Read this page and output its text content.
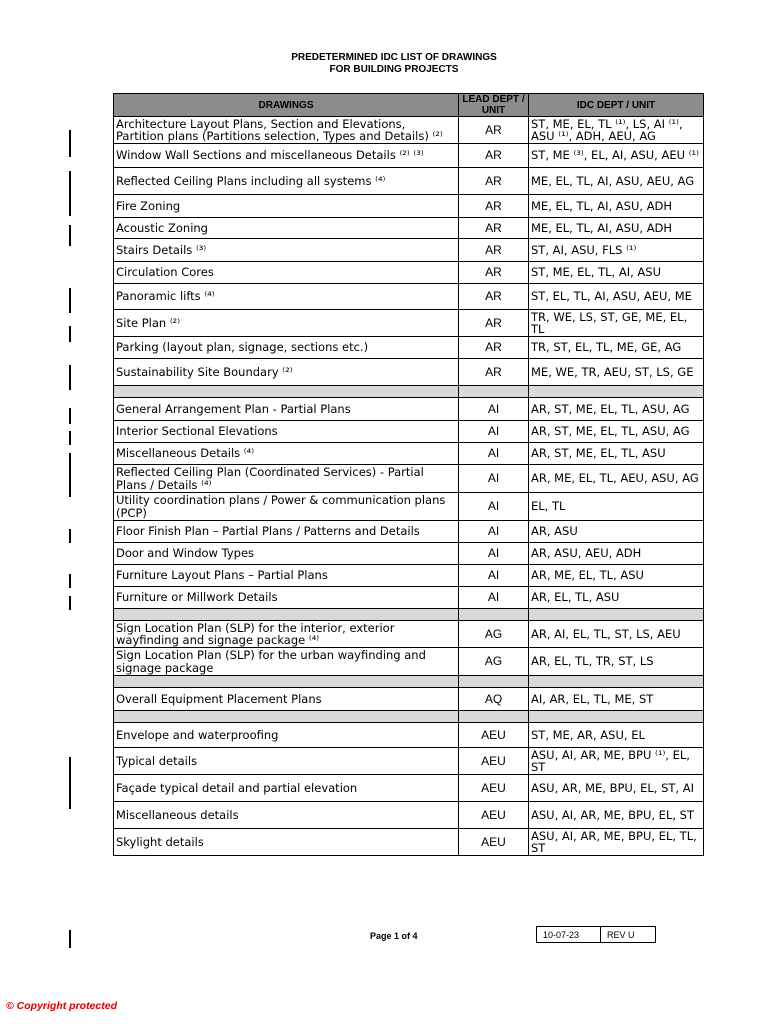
PREDETERMINED IDC LIST OF DRAWINGS
FOR BUILDING PROJECTS
DRAWINGS	LEAD DEPT / UNIT	IDC DEPT / UNIT
Architecture Layout Plans, Section and Elevations, Partition plans (Partitions selection, Types and Details) ⁽²⁾	AR	ST, ME, EL, TL ⁽¹⁾, LS, AI ⁽¹⁾, ASU ⁽¹⁾, ADH, AEU, AG
Window Wall Sections and miscellaneous Details ⁽²⁾ ⁽³⁾	AR	ST, ME ⁽³⁾, EL, AI, ASU, AEU ⁽¹⁾
Reflected Ceiling Plans including all systems ⁽⁴⁾	AR	ME, EL, TL, AI, ASU, AEU, AG
Fire Zoning	AR	ME, EL, TL, AI, ASU, ADH
Acoustic Zoning	AR	ME, EL, TL, AI, ASU, ADH
Stairs Details ⁽³⁾	AR	ST, AI, ASU, FLS ⁽¹⁾
Circulation Cores	AR	ST, ME, EL, TL, AI, ASU
Panoramic lifts ⁽⁴⁾	AR	ST, EL, TL, AI, ASU, AEU, ME
Site Plan ⁽²⁾	AR	TR, WE, LS, ST, GE, ME, EL, TL
Parking (layout plan, signage, sections etc.)	AR	TR, ST, EL, TL, ME, GE, AG
Sustainability Site Boundary ⁽²⁾	AR	ME, WE, TR, AEU, ST, LS, GE

General Arrangement Plan - Partial Plans	AI	AR, ST, ME, EL, TL, ASU, AG
Interior Sectional Elevations	AI	AR, ST, ME, EL, TL, ASU, AG
Miscellaneous Details ⁽⁴⁾	AI	AR, ST, ME, EL, TL, ASU
Reflected Ceiling Plan (Coordinated Services) - Partial Plans / Details ⁽⁴⁾	AI	AR, ME, EL, TL, AEU, ASU, AG
Utility coordination plans / Power & communication plans (PCP)	AI	EL, TL
Floor Finish Plan – Partial Plans / Patterns and Details	AI	AR, ASU
Door and Window Types	AI	AR, ASU, AEU, ADH
Furniture Layout Plans – Partial Plans	AI	AR, ME, EL, TL, ASU
Furniture or Millwork Details	AI	AR, EL, TL, ASU

Sign Location Plan (SLP) for the interior, exterior wayfinding and signage package ⁽⁴⁾	AG	AR, AI, EL, TL, ST, LS, AEU
Sign Location Plan (SLP) for the urban wayfinding and signage package	AG	AR, EL, TL, TR, ST, LS

Overall Equipment Placement Plans	AQ	AI, AR, EL, TL, ME, ST

Envelope and waterproofing	AEU	ST, ME, AR, ASU, EL
Typical details	AEU	ASU, AI, AR, ME, BPU ⁽¹⁾, EL, ST
Façade typical detail and partial elevation	AEU	ASU, AR, ME, BPU, EL, ST, AI
Miscellaneous details	AEU	ASU, AI, AR, ME, BPU, EL, ST
Skylight details	AEU	ASU, AI, AR, ME, BPU, EL, TL, ST
Page 1 of 4	10-07-23	REV U
© Copyright protected
